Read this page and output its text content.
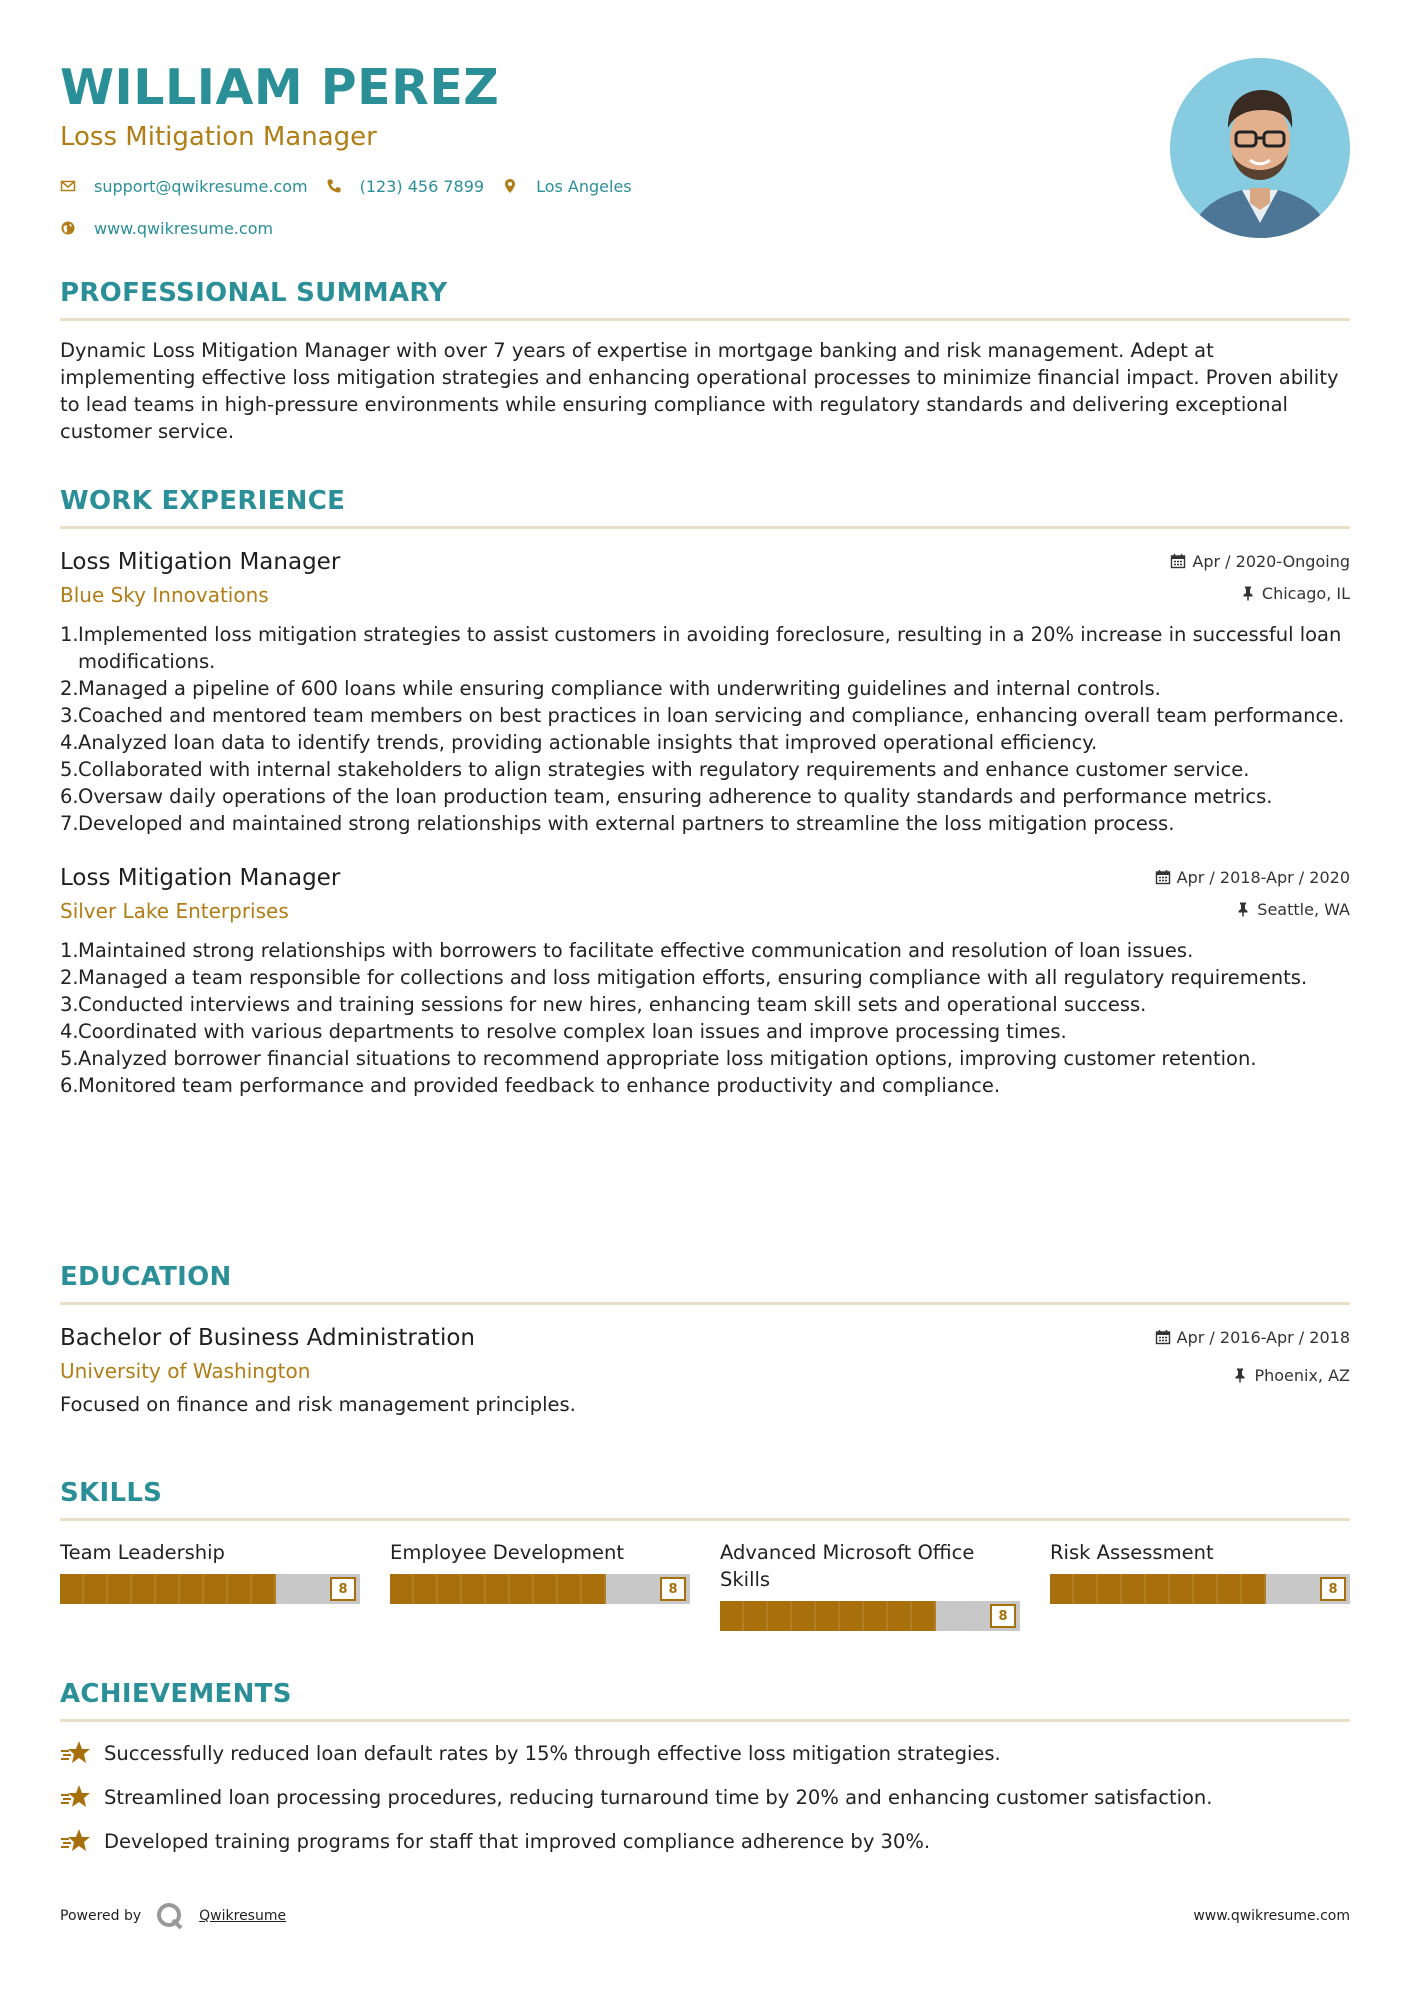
WILLIAM PEREZ
Loss Mitigation Manager
support@qwikresume.com	(123) 456 7899	Los Angeles
www.qwikresume.com
PROFESSIONAL SUMMARY

Dynamic Loss Mitigation Manager with over 7 years of expertise in mortgage banking and risk management. Adept at implementing effective loss mitigation strategies and enhancing operational processes to minimize financial impact. Proven ability to lead teams in high-pressure environments while ensuring compliance with regulatory standards and delivering exceptional customer service.

WORK EXPERIENCE
Loss Mitigation Manager
Blue Sky Innovations
Apr / 2020-Ongoing
Chicago, IL
1. Implemented loss mitigation strategies to assist customers in avoiding foreclosure, resulting in a 20% increase in successful loan modifications.
2. Managed a pipeline of 600 loans while ensuring compliance with underwriting guidelines and internal controls.
3. Coached and mentored team members on best practices in loan servicing and compliance, enhancing overall team performance.
4. Analyzed loan data to identify trends, providing actionable insights that improved operational efficiency.
5. Collaborated with internal stakeholders to align strategies with regulatory requirements and enhance customer service.
6. Oversaw daily operations of the loan production team, ensuring adherence to quality standards and performance metrics.
7. Developed and maintained strong relationships with external partners to streamline the loss mitigation process.
Loss Mitigation Manager
Silver Lake Enterprises
Apr / 2018-Apr / 2020
Seattle, WA
1. Maintained strong relationships with borrowers to facilitate effective communication and resolution of loan issues.
2. Managed a team responsible for collections and loss mitigation efforts, ensuring compliance with all regulatory requirements.
3. Conducted interviews and training sessions for new hires, enhancing team skill sets and operational success.
4. Coordinated with various departments to resolve complex loan issues and improve processing times.
5. Analyzed borrower financial situations to recommend appropriate loss mitigation options, improving customer retention.
6. Monitored team performance and provided feedback to enhance productivity and compliance.
EDUCATION
Bachelor of Business Administration
University of Washington
Apr / 2016-Apr / 2018
Phoenix, AZ

Focused on finance and risk management principles.

SKILLS
Team Leadership
8
Employee Development
8
Advanced Microsoft Office Skills
8
Risk Assessment
8
ACHIEVEMENTS
Successfully reduced loan default rates by 15% through effective loss mitigation strategies.
Streamlined loan processing procedures, reducing turnaround time by 20% and enhancing customer satisfaction.
Developed training programs for staff that improved compliance adherence by 30%.
Powered by	Qwikresume	www.qwikresume.com
